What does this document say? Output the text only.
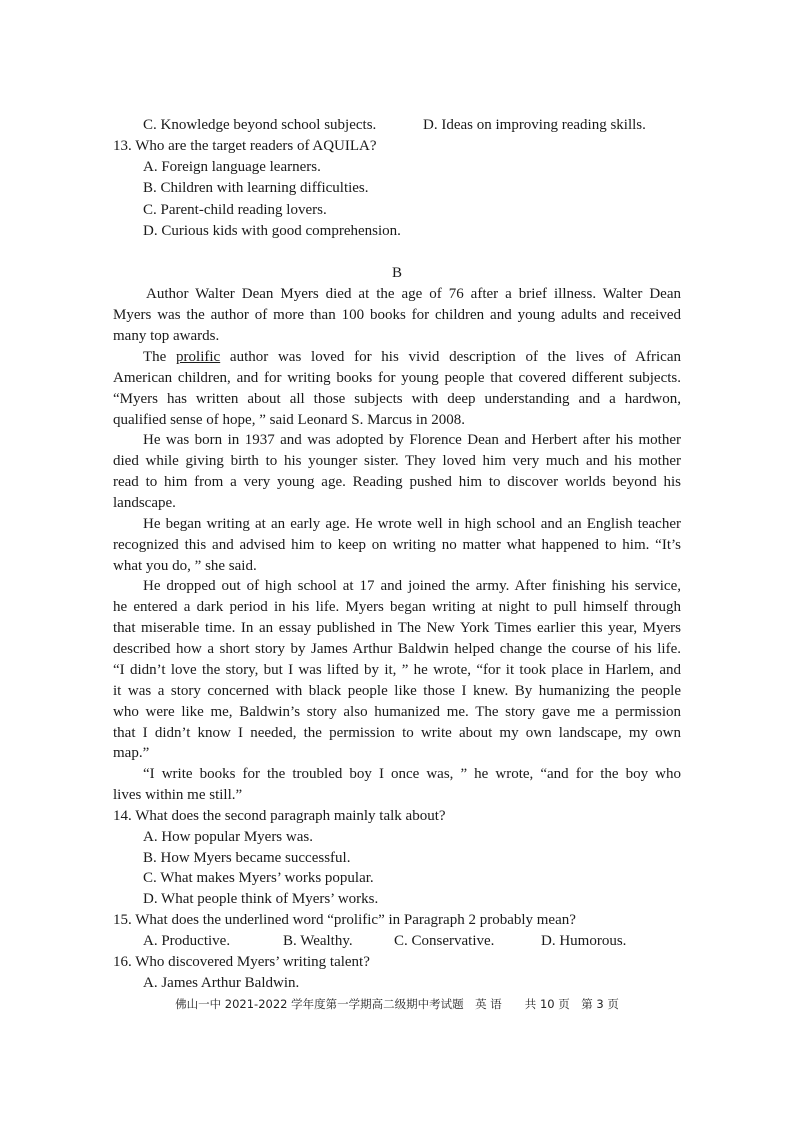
C. Knowledge beyond school subjects.	D. Ideas on improving reading skills.
13. Who are the target readers of AQUILA?
A. Foreign language learners.
B. Children with learning difficulties.
C. Parent-child reading lovers.
D. Curious kids with good comprehension.
B
Author Walter Dean Myers died at the age of 76 after a brief illness. Walter Dean
Myers was the author of more than 100 books for children and young adults and received
many top awards.
The prolific author was loved for his vivid description of the lives of African
American children, and for writing books for young people that covered different subjects.
“Myers has written about all those subjects with deep understanding and a hardwon,
qualified sense of hope, ” said Leonard S. Marcus in 2008.
He was born in 1937 and was adopted by Florence Dean and Herbert after his mother
died while giving birth to his younger sister. They loved him very much and his mother
read to him from a very young age. Reading pushed him to discover worlds beyond his
landscape.
He began writing at an early age. He wrote well in high school and an English teacher
recognized this and advised him to keep on writing no matter what happened to him. “It’s
what you do, ” she said.
He dropped out of high school at 17 and joined the army. After finishing his service,
he entered a dark period in his life. Myers began writing at night to pull himself through
that miserable time. In an essay published in The New York Times earlier this year, Myers
described how a short story by James Arthur Baldwin helped change the course of his life.
“I didn’t love the story, but I was lifted by it, ” he wrote, “for it took place in Harlem, and
it was a story concerned with black people like those I knew. By humanizing the people
who were like me, Baldwin’s story also humanized me. The story gave me a permission
that I didn’t know I needed, the permission to write about my own landscape, my own
map.”
“I write books for the troubled boy I once was, ” he wrote, “and for the boy who
lives within me still.”
14. What does the second paragraph mainly talk about?
A. How popular Myers was.
B. How Myers became successful.
C. What makes Myers’ works popular.
D. What people think of Myers’ works.
15. What does the underlined word “prolific” in Paragraph 2 probably mean?
A. Productive.	B. Wealthy.	C. Conservative.	D. Humorous.
16. Who discovered Myers’ writing talent?
A. James Arthur Baldwin.
佛山一中 2021-2022 学年度第一学期高二级期中考试题　英 语　　共 10 页　第 3 页
